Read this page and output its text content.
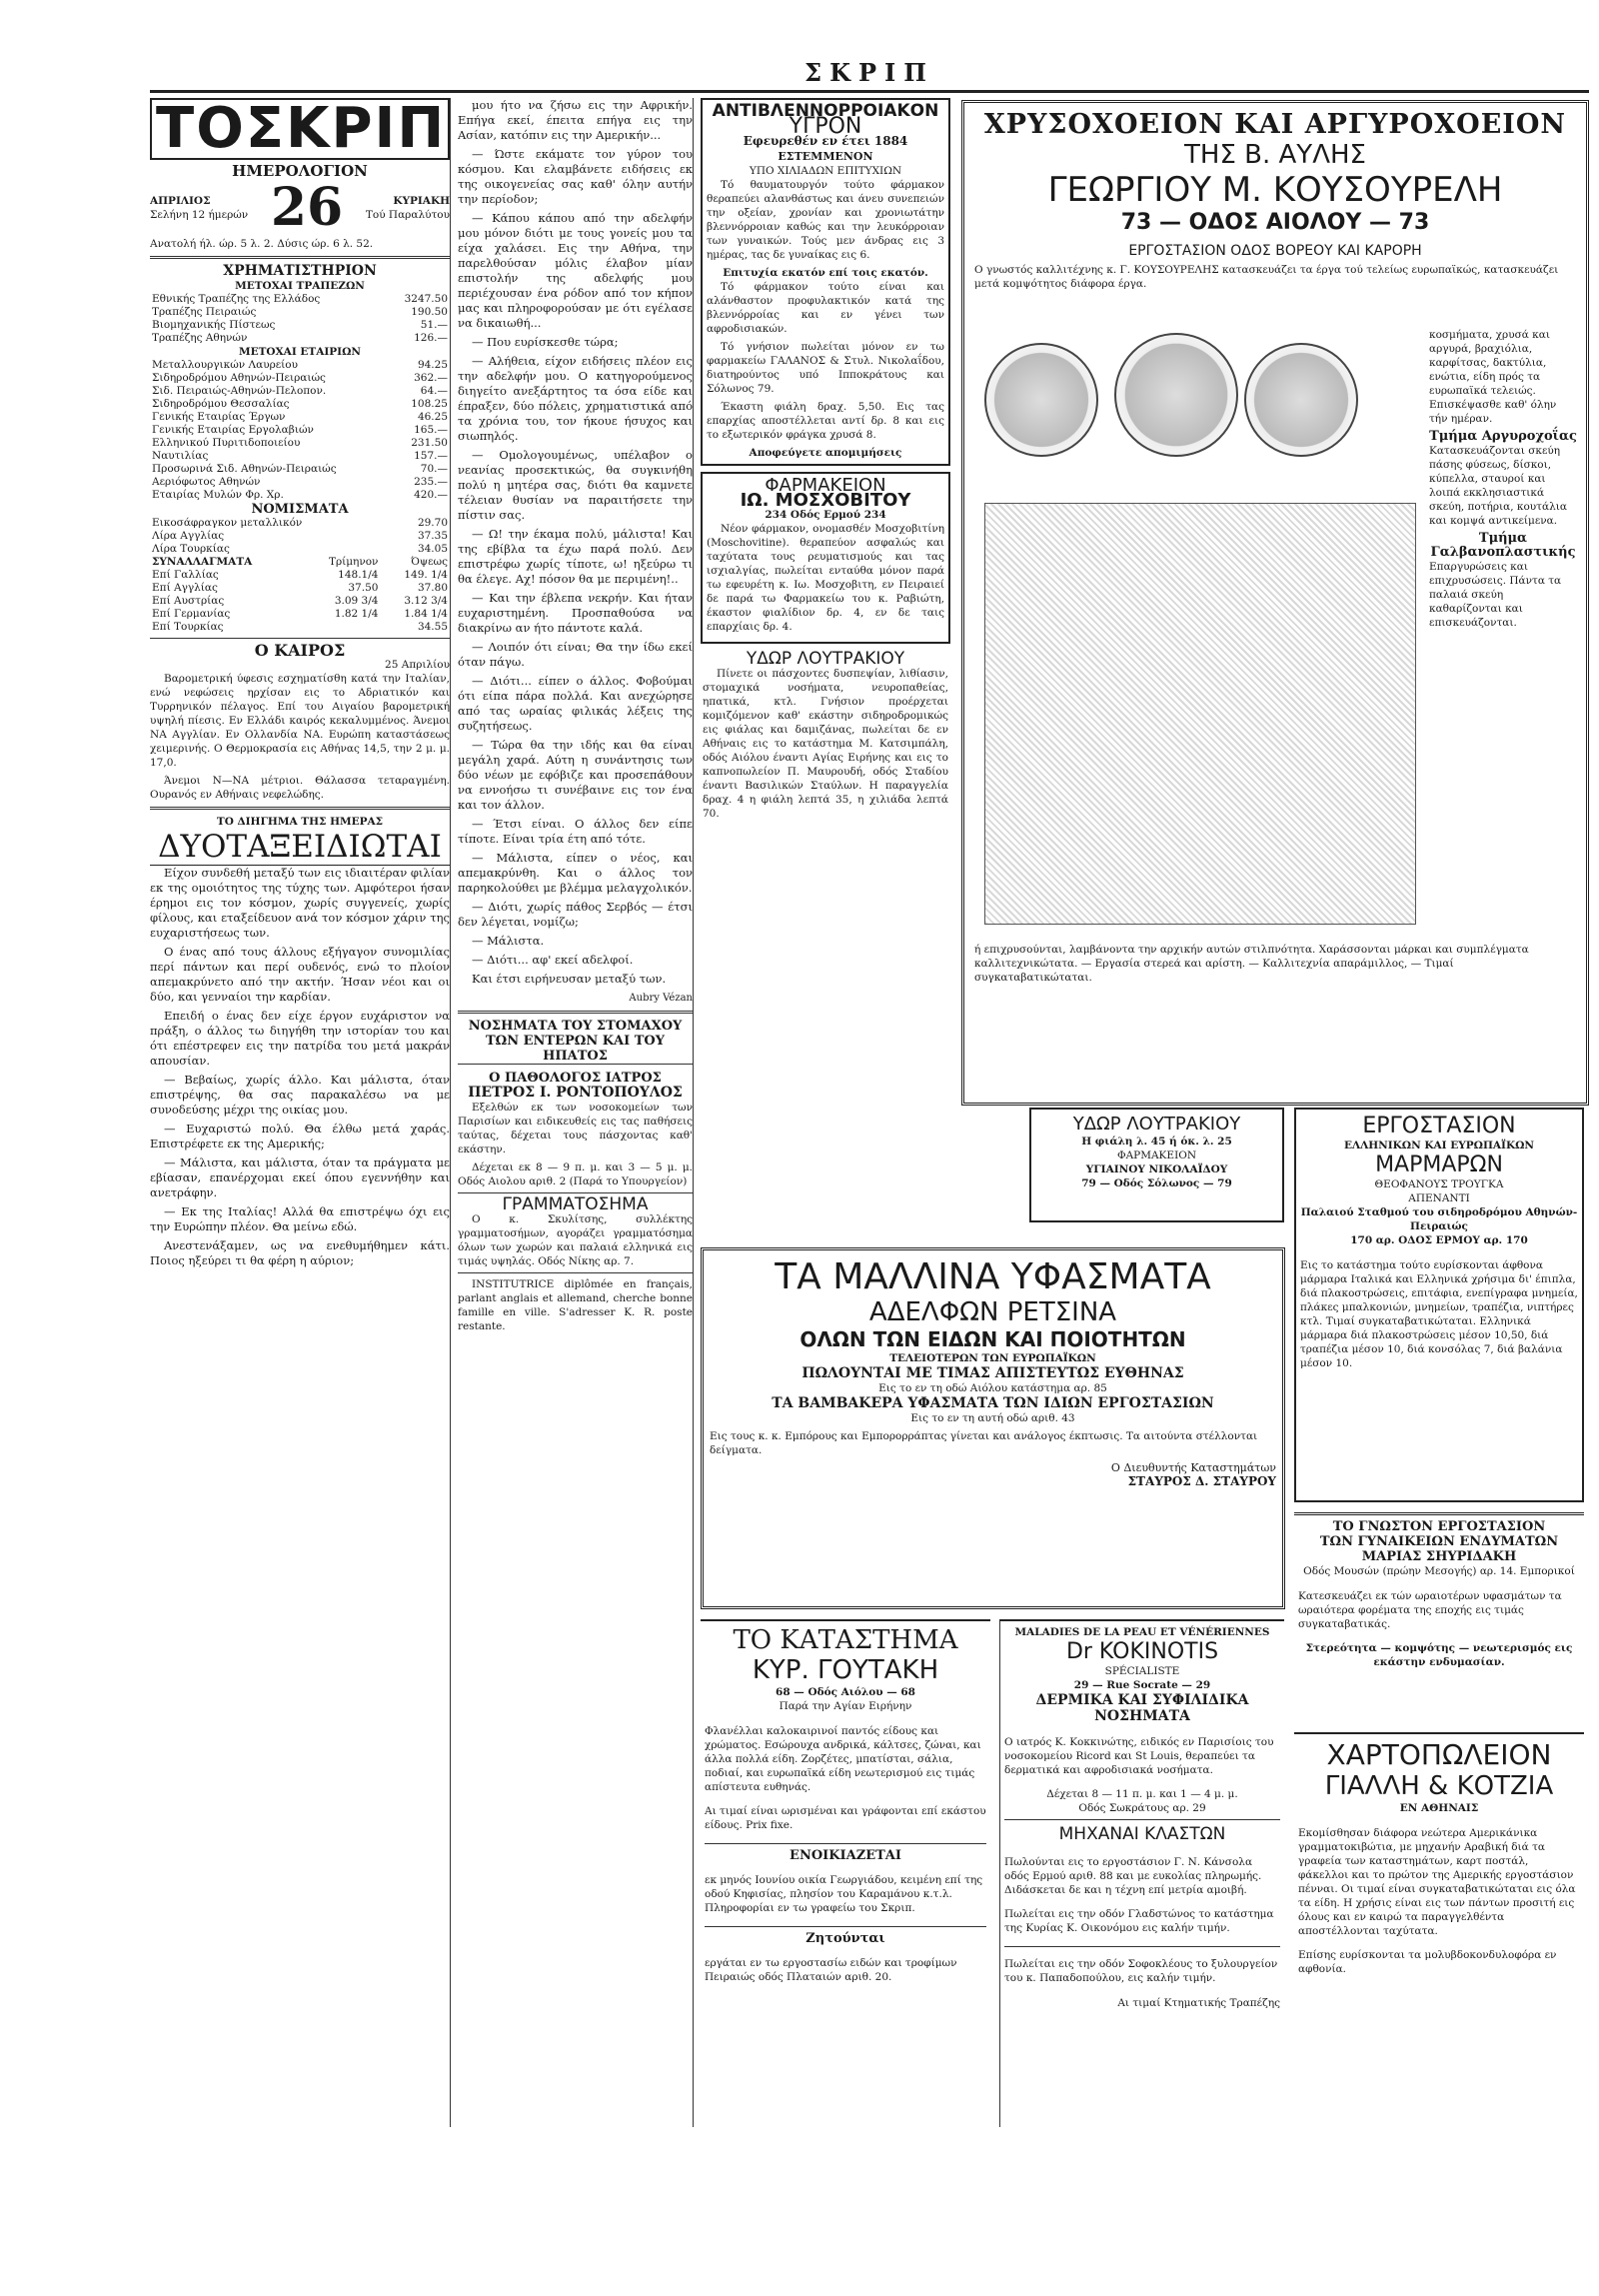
ΣΚΡΙΠ
ΤΟΣΚΡΙΠ
ΗΜΕΡΟΛΟΓΙΟΝ
ΑΠΡΙΛΙΟΣ
Σελήνη 12 ήμερών 26	ΚΥΡΙΑΚΗ
Τού Παραλύτου
Ανατολή ήλ. ώρ. 5 λ. 2. Δύσις ώρ. 6 λ. 52.
ΧΡΗΜΑΤΙΣΤΗΡΙΟΝ
ΜΕΤΟΧΑΙ ΤΡΑΠΕΖΩΝ
Εθνικής Τραπέζης της Ελλάδος	3247.50
Τραπέζης Πειραιώς	190.50
Βιομηχανικής Πίστεως	51.—
Τραπέζης Αθηνών	126.—
ΜΕΤΟΧΑΙ ΕΤΑΙΡΙΩΝ
Μεταλλουργικών Λαυρείου	94.25
Σιδηροδρόμου Αθηνών-Πειραιώς	362.—
Σιδ. Πειραιώς-Αθηνών-Πελοπον.	64.—
Σιδηροδρόμου Θεσσαλίας	108.25
Γενικής Εταιρίας Έργων	46.25
Γενικής Εταιρίας Εργολαβιών	165.—
Ελληνικού Πυριτιδοποιείου	231.50
Ναυτιλίας	157.—
Προσωρινά Σιδ. Αθηνών-Πειραιώς	70.—
Αεριόφωτος Αθηνών	235.—
Εταιρίας Μυλών Φρ. Χρ.	420.—
ΝΟΜΙΣΜΑΤΑ
Εικοσάφραγκον μεταλλικόν	29.70
Λίρα Αγγλίας	37.35
Λίρα Τουρκίας	34.05
ΣΥΝΑΛΛΑΓΜΑΤΑ	Τρίμηνον	Όψεως
Επί Γαλλίας	148.1/4	149. 1/4
Επί Αγγλίας	37.50	37.80
Επί Αυστρίας	3.09 3/4	3.12 3/4
Επί Γερμανίας	1.82 1/4	1.84 1/4
Επί Τουρκίας		34.55
Ο ΚΑΙΡΟΣ
25 Απριλίου

Βαρομετρική ύφεσις εσχηματίσθη κατά την Ιταλίαν, ενώ νεφώσεις ηρχίσαν εις το Αδριατικόν και Τυρρηνικόν πέλαγος. Επί του Αιγαίου βαρομετρική υψηλή πίεσις. Εν Ελλάδι καιρός κεκαλυμμένος. Άνεμοι ΝΑ Αγγλίαν. Εν Ολλανδία ΝΑ. Ευρώπη καταστάσεως χειμερινής. Ο Θερμοκρασία εις Αθήνας 14,5, την 2 μ. μ. 17,0.

Άνεμοι Ν—ΝΑ μέτριοι. Θάλασσα τεταραγμένη. Ουρανός εν Αθήναις νεφελώδης.

ΤΟ ΔΙΗΓΗΜΑ ΤΗΣ ΗΜΕΡΑΣ
ΔΥΟΤΑΞΕΙΔΙΩΤΑΙ

Είχον συνδεθή μεταξύ των εις ιδιαιτέραν φιλίαν εκ της ομοιότητος της τύχης των. Αμφότεροι ήσαν έρημοι εις τον κόσμον, χωρίς συγγενείς, χωρίς φίλους, και εταξείδευον ανά τον κόσμον χάριν της ευχαριστήσεως των.

Ο ένας από τους άλλους εξήγαγον συνομιλίας περί πάντων και περί ουδενός, ενώ το πλοίον απεμακρύνετο από την ακτήν. Ήσαν νέοι και οι δύο, και γενναίοι την καρδίαν.

Επειδή ο ένας δεν είχε έργον ευχάριστον να πράξη, ο άλλος τω διηγήθη την ιστορίαν του και ότι επέστρεφεν εις την πατρίδα του μετά μακράν απουσίαν.

— Βεβαίως, χωρίς άλλο. Και μάλιστα, όταν επιστρέψης, θα σας παρακαλέσω να με συνοδεύσης μέχρι της οικίας μου.

— Ευχαριστώ πολύ. Θα έλθω μετά χαράς. Επιστρέφετε εκ της Αμερικής;

— Μάλιστα, και μάλιστα, όταν τα πράγματα με εβίασαν, επανέρχομαι εκεί όπου εγεννήθην και ανετράφην.

— Εκ της Ιταλίας! Αλλά θα επιστρέψω όχι εις την Ευρώπην πλέον. Θα μείνω εδώ.

Ανεστενάξαμεν, ως να ενεθυμήθημεν κάτι. Ποιος ηξεύρει τι θα φέρη η αύριον;

μου ήτο να ζήσω εις την Αφρικήν. Επήγα εκεί, έπειτα επήγα εις την Ασίαν, κατόπιν εις την Αμερικήν...

— Ώστε εκάματε τον γύρον του κόσμου. Και ελαμβάνετε ειδήσεις εκ της οικογενείας σας καθ' όλην αυτήν την περίοδον;

— Κάπου κάπου από την αδελφήν μου μόνον διότι με τους γονείς μου τα είχα χαλάσει. Εις την Αθήνα, την παρελθούσαν μόλις έλαβον μίαν επιστολήν της αδελφής μου περιέχουσαν ένα ρόδον από τον κήπον μας και πληροφορούσαν με ότι εγέλασε να δικαιωθή...

— Που ευρίσκεσθε τώρα;

— Αλήθεια, είχον ειδήσεις πλέον εις την αδελφήν μου. Ο κατηγορούμενος διηγείτο ανεξάρτητος τα όσα είδε και έπραξεν, δύο πόλεις, χρηματιστικά από τα χρόνια του, τον ήκουε ήσυχος και σιωπηλός.

— Ομολογουμένως, υπέλαβον ο νεανίας προσεκτικώς, θα συγκινήθη πολύ η μητέρα σας, διότι θα καμνετε τέλειαν θυσίαν να παραιτήσετε την πίστιν σας.

— Ω! την έκαμα πολύ, μάλιστα! Και της εβίβλα τα έχω παρά πολύ. Δεν επιστρέφω χωρίς τίποτε, ω! ηξεύρω τι θα έλεγε. Αχ! πόσον θα με περιμένη!..

— Και την έβλεπα νεκρήν. Και ήταν ευχαριστημένη. Προσπαθούσα να διακρίνω αν ήτο πάντοτε καλά.

— Λοιπόν ότι είναι; Θα την ίδω εκεί όταν πάγω.

— Διότι... είπεν ο άλλος. Φοβούμαι ότι είπα πάρα πολλά. Και ανεχώρησε από τας ωραίας φιλικάς λέξεις της συζητήσεως.

— Τώρα θα την ιδής και θα είναι μεγάλη χαρά. Αύτη η συνάντησις των δύο νέων με εφόβιζε και προσεπάθουν να εννοήσω τι συνέβαινε εις τον ένα και τον άλλον.

— Έτσι είναι. Ο άλλος δεν είπε τίποτε. Είναι τρία έτη από τότε.

— Μάλιστα, είπεν ο νέος, και απεμακρύνθη. Και ο άλλος τον παρηκολούθει με βλέμμα μελαγχολικόν.

— Διότι, χωρίς πάθος Σερβός — έτσι δεν λέγεται, νομίζω;

— Μάλιστα.

— Διότι... αφ' εκεί αδελφοί.

Και έτσι ειρήνευσαν μεταξύ των.

Aubry Vézan
ΝΟΣΗΜΑΤΑ ΤΟΥ ΣΤΟΜΑΧΟΥ
ΤΩΝ ΕΝΤΕΡΩΝ ΚΑΙ ΤΟΥ ΗΠΑΤΟΣ
Ο ΠΑΘΟΛΟΓΟΣ ΙΑΤΡΟΣ
ΠΕΤΡΟΣ Ι. ΡΟΝΤΟΠΟΥΛΟΣ

Εξελθών εκ των νοσοκομείων των Παρισίων και ειδικευθείς εις τας παθήσεις ταύτας, δέχεται τους πάσχοντας καθ' εκάστην.

Δέχεται εκ 8 — 9 π. μ. και 3 — 5 μ. μ. Οδός Αιολου αριθ. 2 (Παρά το Υπουργείον)

ΓΡΑΜΜΑΤΟΣΗΜΑ

Ο κ. Σκυλίτσης, συλλέκτης γραμματοσήμων, αγοράζει γραμματόσημα όλων των χωρών και παλαιά ελληνικά εις τιμάς υψηλάς. Οδός Νίκης αρ. 7.

INSTITUTRICE diplômée en français, parlant anglais et allemand, cherche bonne famille en ville. S'adresser K. R. poste restante.

ΑΝΤΙΒΛΕΝΝΟΡΡΟΙΑΚΟΝ
ΥΓΡΟΝ
Εφευρεθέν εν έτει 1884
ΕΣΤΕΜΜΕΝΟΝ
ΥΠΟ ΧΙΛΙΑΔΩΝ ΕΠΙΤΥΧΙΩΝ

Τό θαυματουργόν τούτο φάρμακον θεραπεύει αλανθάστως και άνευ συνεπειών την οξείαν, χρονίαν και χρονιωτάτην βλεννόρροιαν καθώς και την λευκόρροιαν των γυναικών. Τούς μεν άνδρας εις 3 ημέρας, τας δε γυναίκας εις 6.

Επιτυχία εκατόν επί τοις εκατόν.

Τό φάρμακον τούτο είναι και αλάνθαστον προφυλακτικόν κατά της βλεννόρροίας και εν γένει των αφροδισιακών.

Τό γνήσιον πωλείται μόνον εν τω φαρμακείω ΓΑΛΑΝΟΣ & Στυλ. Νικολαΐδου, διατηρούντος υπό Ιπποκράτους και Σόλωνος 79.

Έκαστη φιάλη δραχ. 5,50. Εις τας επαρχίας αποστέλλεται αντί δρ. 8 και εις το εξωτερικόν φράγκα χρυσά 8.

Αποφεύγετε απομιμήσεις
ΦΑΡΜΑΚΕΙΟΝ
ΙΩ. ΜΟΣΧΟΒΙΤΟΥ
234 Οδός Ερμού 234

Νέον φάρμακον, ονομασθέν Μοσχοβιτίνη (Moschovitine). θεραπεύον ασφαλώς και ταχύτατα τους ρευματισμούς και τας ισχιαλγίας, πωλείται ενταύθα μόνον παρά τω εφευρέτη κ. Ιω. Μοσχοβιτη, εν Πειραιεί δε παρά τω Φαρμακείω του κ. Ραβιώτη, έκαστον φιαλίδιον δρ. 4, εν δε ταις επαρχίαις δρ. 4.

ΥΔΩΡ ΛΟΥΤΡΑΚΙΟΥ

Πίνετε οι πάσχοντες δυσπεψίαν, λιθίασιν, στομαχικά νοσήματα, νευροπαθείας, ηπατικά, κτλ. Γνήσιον προέρχεται κομιζόμενον καθ' εκάστην σιδηροδρομικώς εις φιάλας και δαμιζάνας, πωλείται δε εν Αθήναις εις το κατάστημα Μ. Κατσιμπάλη, οδός Αιόλου έναντι Αγίας Ειρήνης και εις το καπνοπωλείον Π. Μαυρουδή, οδός Σταδίου έναντι Βασιλικών Σταύλων. Η παραγγελία δραχ. 4 η φιάλη λεπτά 35, η χιλιάδα λεπτά 70.

ΧΡΥΣΟΧΟΕΙΟΝ ΚΑΙ ΑΡΓΥΡΟΧΟΕΙΟΝ
ΤΗΣ Β. ΑΥΛΗΣ
ΓΕΩΡΓΙΟΥ Μ. ΚΟΥΣΟΥΡΕΛΗ
73 — ΟΔΟΣ ΑΙΟΛΟΥ — 73
ΕΡΓΟΣΤΑΣΙΟΝ ΟΔΟΣ ΒΟΡΕΟΥ ΚΑΙ ΚΑΡΟΡΗ

Ο γνωστός καλλιτέχνης κ. Γ. ΚΟΥΣΟΥΡΕΛΗΣ κατασκευάζει τα έργα τού τελείως ευρωπαϊκώς, κατασκευάζει μετά κομψότητος διάφορα έργα.

κοσμήματα, χρυσά και αργυρά, βραχιόλια, καρφίτσας, δακτύλια, ενώτια, είδη πρός τα ευρωπαϊκά τελειώς. Επισκέψασθε καθ' όλην τήν ημέραν.

Τμήμα Αργυροχοΐας

Κατασκευάζονται σκεύη πάσης φύσεως, δίσκοι, κύπελλα, σταυροί και λοιπά εκκλησιαστικά σκεύη, ποτήρια, κουτάλια και κομψά αντικείμενα.

Τμήμα Γαλβανοπλαστικής

Επαργυρώσεις και επιχρυσώσεις. Πάντα τα παλαιά σκεύη καθαρίζονται και επισκευάζονται.

ή επιχρυσούνται, λαμβάνοντα την αρχικήν αυτών στιλπνότητα. Χαράσσονται μάρκαι και συμπλέγματα καλλιτεχνικώτατα. — Εργασία στερεά και αρίστη. — Καλλιτεχνία απαράμιλλος, — Τιμαί συγκαταβατικώταται.

ΥΔΩΡ ΛΟΥΤΡΑΚΙΟΥ
Η φιάλη λ. 45 ή όκ. λ. 25
ΦΑΡΜΑΚΕΙΟΝ
ΥΓΙΑΙΝΟΥ ΝΙΚΟΛΑΪΔΟΥ
79 — Οδός Σόλωνος — 79
ΕΡΓΟΣΤΑΣΙΟΝ
ΕΛΛΗΝΙΚΩΝ ΚΑΙ ΕΥΡΩΠΑΪΚΩΝ
ΜΑΡΜΑΡΩΝ
ΘΕΟΦΑΝΟΥΣ ΤΡΟΥΓΚΑ
ΑΠΕΝΑΝΤΙ
Παλαιού Σταθμού του σιδηροδρόμου Αθηνών-Πειραιώς
170 αρ. ΟΔΟΣ ΕΡΜΟΥ αρ. 170

Εις το κατάστημα τούτο ευρίσκονται άφθονα μάρμαρα Ιταλικά και Ελληνικά χρήσιμα δι' έπιπλα, διά πλακοστρώσεις, επιτάφια, ενεπίγραφα μνημεία, πλάκες μπαλκονιών, μνημείων, τραπέζια, νιπτήρες κτλ. Τιμαί συγκαταβατικώταται. Ελληνικά μάρμαρα διά πλακοστρώσεις μέσον 10,50, διά τραπέζια μέσον 10, διά κονσόλας 7, διά βαλάνια μέσον 10.

ΤΑ ΜΑΛΛΙΝΑ ΥΦΑΣΜΑΤΑ
ΑΔΕΛΦΩΝ ΡΕΤΣΙΝΑ
ΟΛΩΝ ΤΩΝ ΕΙΔΩΝ ΚΑΙ ΠΟΙΟΤΗΤΩΝ
ΤΕΛΕΙΟΤΕΡΩΝ ΤΩΝ ΕΥΡΩΠΑΪΚΩΝ
ΠΩΛΟΥΝΤΑΙ ΜΕ ΤΙΜΑΣ ΑΠΙΣΤΕΥΤΩΣ ΕΥΘΗΝΑΣ
Εις το εν τη οδώ Αιόλου κατάστημα αρ. 85
ΤΑ ΒΑΜΒΑΚΕΡΑ ΥΦΑΣΜΑΤΑ ΤΩΝ ΙΔΙΩΝ ΕΡΓΟΣΤΑΣΙΩΝ
Εις το εν τη αυτή οδώ αριθ. 43

Εις τους κ. κ. Εμπόρους και Εμπορορράπτας γίνεται και ανάλογος έκπτωσις. Τα αιτούντα στέλλονται δείγματα.

Ο Διευθυντής Καταστημάτων
ΣΤΑΥΡΟΣ Δ. ΣΤΑΥΡΟΥ
ΤΟ ΓΝΩΣΤΟΝ ΕΡΓΟΣΤΑΣΙΟΝ
ΤΩΝ ΓΥΝΑΙΚΕΙΩΝ ΕΝΔΥΜΑΤΩΝ
ΜΑΡΙΑΣ ΣΗΥΡΙΔΑΚΗ
Οδός Μουσών (πρώην Μεσογής) αρ. 14. Εμπορικοί

Κατεσκευάζει εκ τών ωραιοτέρων υφασμάτων τα ωραιότερα φορέματα της εποχής εις τιμάς συγκαταβατικάς.

Στερεότητα — κομψότης — νεωτερισμός εις εκάστην ενδυμασίαν.
ΧΑΡΤΟΠΩΛΕΙΟΝ
ΓΙΑΛΛΗ & ΚΟΤΖΙΑ
ΕΝ ΑΘΗΝΑΙΣ

Εκομίσθησαν διάφορα νεώτερα Αμερικάνικα γραμματοκιβώτια, με μηχανήν Αραβική διά τα γραφεία των καταστημάτων, καρτ ποστάλ, φάκελλοι και το πρώτον της Αμερικής εργοστάσιον πένναι. Οι τιμαί είναι συγκαταβατικώταται εις όλα τα είδη. Η χρήσις είναι εις των πάντων προσιτή εις όλους και εν καιρώ τα παραγγελθέντα αποστέλλονται ταχύτατα.

Επίσης ευρίσκονται τα μολυβδοκονδυλοφόρα εν αφθονία.

ΤΟ ΚΑΤΑΣΤΗΜΑ
ΚΥΡ. ΓΟΥΤΑΚΗ
68 — Οδός Αιόλου — 68
Παρά την Αγίαν Ειρήνην

Φλανέλλαι καλοκαιρινοί παντός είδους και χρώματος. Εσώρουχα ανδρικά, κάλτσες, ζώναι, και άλλα πολλά είδη. Ζορζέτες, μπατίσται, σάλια, ποδιαί, και ευρωπαϊκά είδη νεωτερισμού εις τιμάς απίστευτα ευθηνάς.

Αι τιμαί είναι ωρισμέναι και γράφονται επί εκάστου είδους. Prix fixe.

ΕΝΟΙΚΙΑΖΕΤΑΙ

εκ μηνός Ιουνίου οικία Γεωργιάδου, κειμένη επί της οδού Κηφισίας, πλησίον του Καραμάνου κ.τ.λ. Πληροφορίαι εν τω γραφείω του Σκριπ.

Ζητούνται

εργάται εν τω εργοστασίω ειδών και τροφίμων Πειραιώς οδός Πλαταιών αριθ. 20.

MALADIES DE LA PEAU ET VÉNÉRIENNES
Dr KOKINOTIS
SPÉCIALISTE
29 — Rue Socrate — 29
ΔΕΡΜΙΚΑ ΚΑΙ ΣΥΦΙΛΙΔΙΚΑ ΝΟΣΗΜΑΤΑ

Ο ιατρός Κ. Κοκκινώτης, ειδικός εν Παρισίοις του νοσοκομείου Ricord και St Louis, θεραπεύει τα δερματικά και αφροδισιακά νοσήματα.

Δέχεται 8 — 11 π. μ. και 1 — 4 μ. μ.
Οδός Σωκράτους αρ. 29
ΜΗΧΑΝΑΙ ΚΛΑΣΤΩΝ

Πωλούνται εις το εργοστάσιον Γ. Ν. Κάνσολα οδός Ερμού αριθ. 88 και με ευκολίας πληρωμής. Διδάσκεται δε και η τέχνη επί μετρία αμοιβή.

Πωλείται εις την οδόν Γλαδστώνος το κατάστημα της Κυρίας Κ. Οικονόμου εις καλήν τιμήν.

Πωλείται εις την οδόν Σοφοκλέους το ξυλουργείον του κ. Παπαδοπούλου, εις καλήν τιμήν.

Αι τιμαί Κτηματικής Τραπέζης
